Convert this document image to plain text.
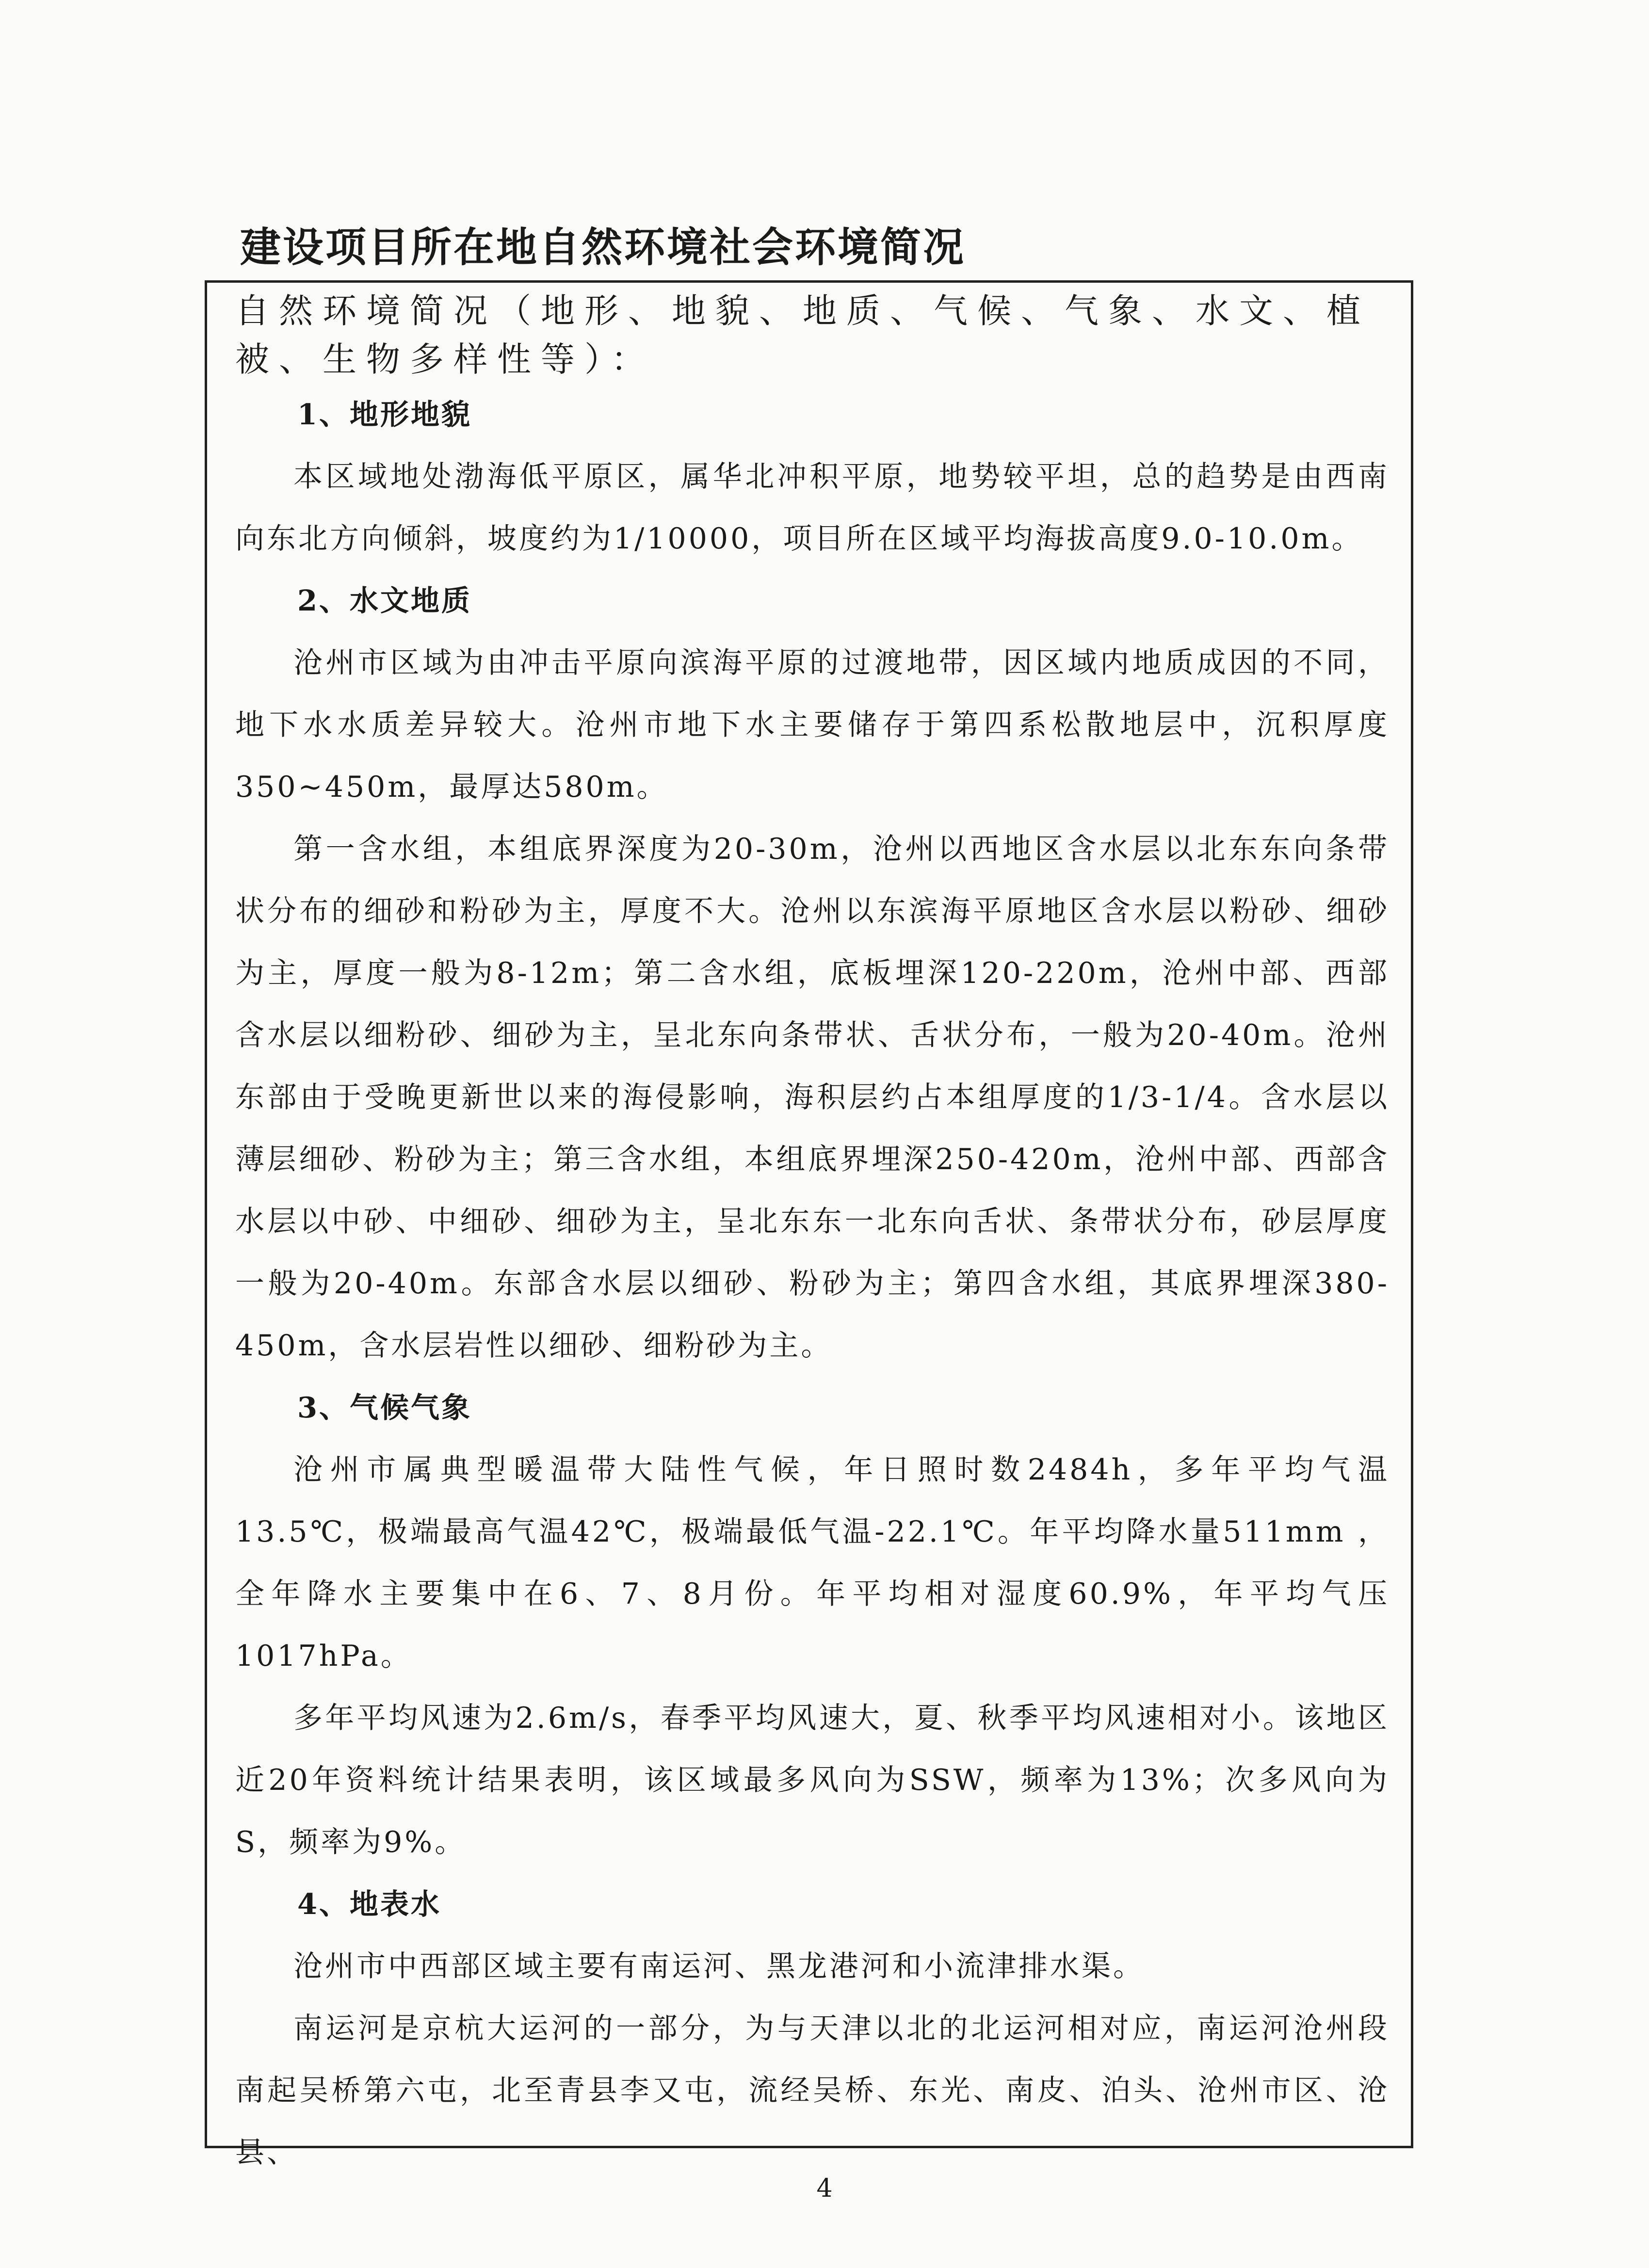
建设项目所在地自然环境社会环境简况

自然环境简况（地形、地貌、地质、气候、气象、水文、植被、生物多样性等）：

1、地形地貌

本区域地处渤海低平原区，属华北冲积平原，地势较平坦，总的趋势是由西南向东北方向倾斜，坡度约为1/10000，项目所在区域平均海拔高度9.0-10.0m。

2、水文地质

沧州市区域为由冲击平原向滨海平原的过渡地带，因区域内地质成因的不同，地下水水质差异较大。沧州市地下水主要储存于第四系松散地层中，沉积厚度350~450m，最厚达580m。

第一含水组，本组底界深度为20-30m，沧州以西地区含水层以北东东向条带状分布的细砂和粉砂为主，厚度不大。沧州以东滨海平原地区含水层以粉砂、细砂为主，厚度一般为8-12m；第二含水组，底板埋深120-220m，沧州中部、西部含水层以细粉砂、细砂为主，呈北东向条带状、舌状分布，一般为20-40m。沧州东部由于受晚更新世以来的海侵影响，海积层约占本组厚度的1/3-1/4。含水层以薄层细砂、粉砂为主；第三含水组，本组底界埋深250-420m，沧州中部、西部含水层以中砂、中细砂、细砂为主，呈北东东一北东向舌状、条带状分布，砂层厚度一般为20-40m。东部含水层以细砂、粉砂为主；第四含水组，其底界埋深380-450m，含水层岩性以细砂、细粉砂为主。

3、气候气象

沧州市属典型暖温带大陆性气候，年日照时数2484h，多年平均气温13.5℃，极端最高气温42℃，极端最低气温-22.1℃。年平均降水量511mm ，全年降水主要集中在6、7、8月份。年平均相对湿度60.9%，年平均气压1017hPa。

多年平均风速为2.6m/s，春季平均风速大，夏、秋季平均风速相对小。该地区近20年资料统计结果表明，该区域最多风向为SSW，频率为13%；次多风向为S，频率为9%。

4、地表水

沧州市中西部区域主要有南运河、黑龙港河和小流津排水渠。

南运河是京杭大运河的一部分，为与天津以北的北运河相对应，南运河沧州段南起吴桥第六屯，北至青县李又屯，流经吴桥、东光、南皮、泊头、沧州市区、沧县、

4
